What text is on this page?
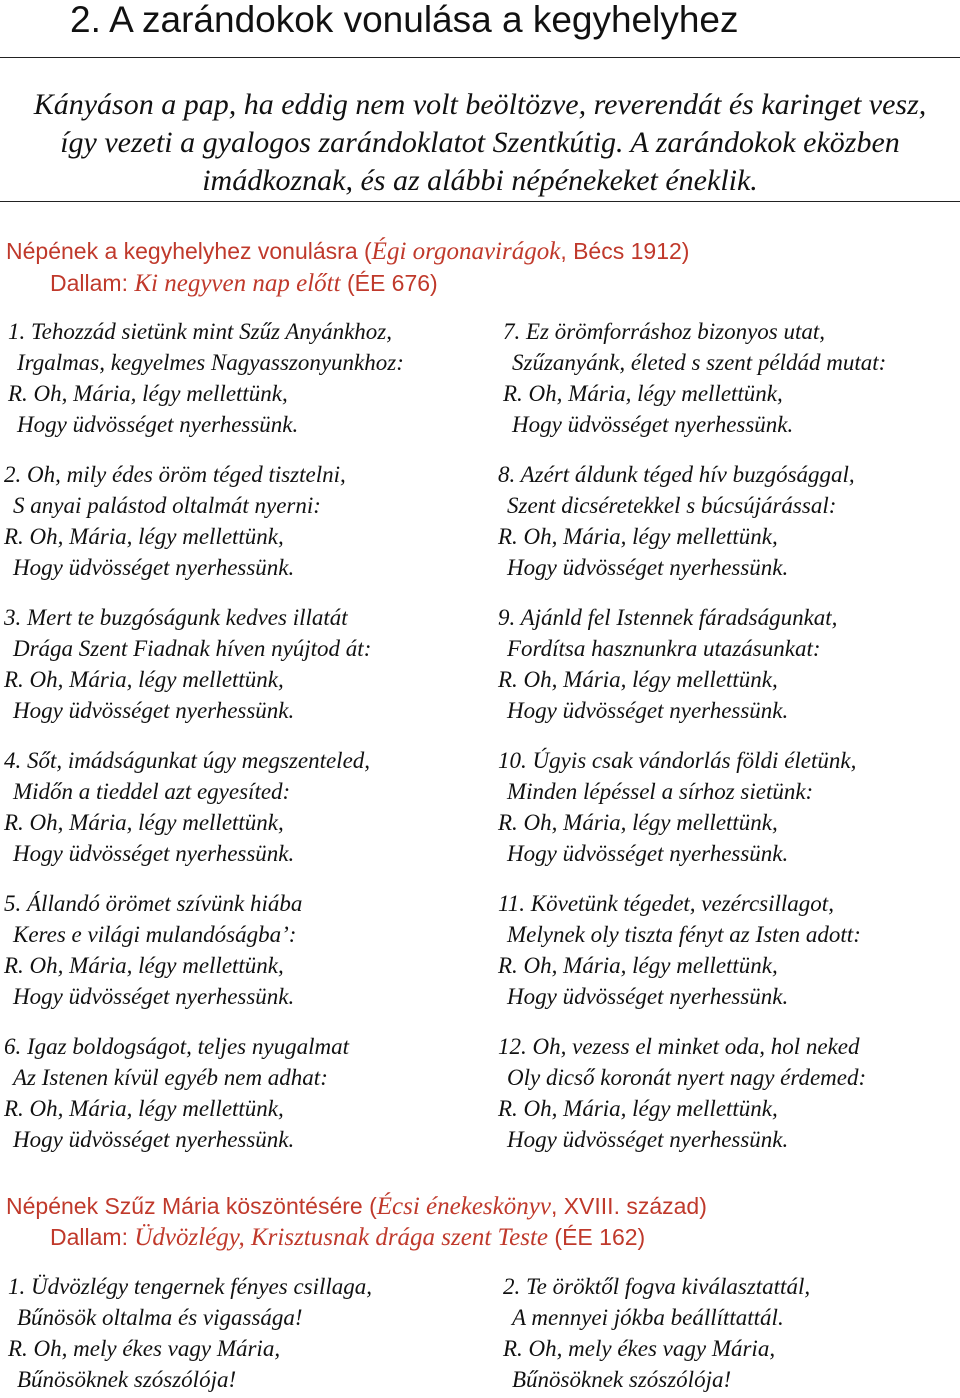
2. A zarándokok vonulása a kegyhelyhez
Kányáson a pap, ha eddig nem volt beöltözve, reverendát és karinget vesz,
így vezeti a gyalogos zarándoklatot Szentkútig. A zarándokok eközben
imádkoznak, és az alábbi népénekeket éneklik.
Népének a kegyhelyhez vonulásra (Égi orgonavirágok, Bécs 1912)
Dallam: Ki negyven nap előtt (ÉE 676)
1. Tehozzád sietünk mint Szűz Anyánkhoz,
Irgalmas, kegyelmes Nagyasszonyunkhoz:
R. Oh, Mária, légy mellettünk,
Hogy üdvösséget nyerhessünk.
2. Oh, mily édes öröm téged tisztelni,
S anyai palástod oltalmát nyerni:
R. Oh, Mária, légy mellettünk,
Hogy üdvösséget nyerhessünk.
3. Mert te buzgóságunk kedves illatát
Drága Szent Fiadnak híven nyújtod át:
R. Oh, Mária, légy mellettünk,
Hogy üdvösséget nyerhessünk.
4. Sőt, imádságunkat úgy megszenteled,
Midőn a tieddel azt egyesíted:
R. Oh, Mária, légy mellettünk,
Hogy üdvösséget nyerhessünk.
5. Állandó örömet szívünk hiába
Keres e világi mulandóságba’:
R. Oh, Mária, légy mellettünk,
Hogy üdvösséget nyerhessünk.
6. Igaz boldogságot, teljes nyugalmat
Az Istenen kívül egyéb nem adhat:
R. Oh, Mária, légy mellettünk,
Hogy üdvösséget nyerhessünk.
7. Ez örömforráshoz bizonyos utat,
Szűzanyánk, életed s szent példád mutat:
R. Oh, Mária, légy mellettünk,
Hogy üdvösséget nyerhessünk.
8. Azért áldunk téged hív buzgósággal,
Szent dicséretekkel s búcsújárással:
R. Oh, Mária, légy mellettünk,
Hogy üdvösséget nyerhessünk.
9. Ajánld fel Istennek fáradságunkat,
Fordítsa hasznunkra utazásunkat:
R. Oh, Mária, légy mellettünk,
Hogy üdvösséget nyerhessünk.
10. Úgyis csak vándorlás földi életünk,
Minden lépéssel a sírhoz sietünk:
R. Oh, Mária, légy mellettünk,
Hogy üdvösséget nyerhessünk.
11. Követünk tégedet, vezércsillagot,
Melynek oly tiszta fényt az Isten adott:
R. Oh, Mária, légy mellettünk,
Hogy üdvösséget nyerhessünk.
12. Oh, vezess el minket oda, hol neked
Oly dicső koronát nyert nagy érdemed:
R. Oh, Mária, légy mellettünk,
Hogy üdvösséget nyerhessünk.
Népének Szűz Mária köszöntésére (Écsi énekeskönyv, XVIII. század)
Dallam: Üdvözlégy, Krisztusnak drága szent Teste (ÉE 162)
1. Üdvözlégy tengernek fényes csillaga,
Bűnösök oltalma és vigassága!
R. Oh, mely ékes vagy Mária,
Bűnösöknek szószólója!
2. Te öröktől fogva kiválasztattál,
A mennyei jókba beállíttattál.
R. Oh, mely ékes vagy Mária,
Bűnösöknek szószólója!
